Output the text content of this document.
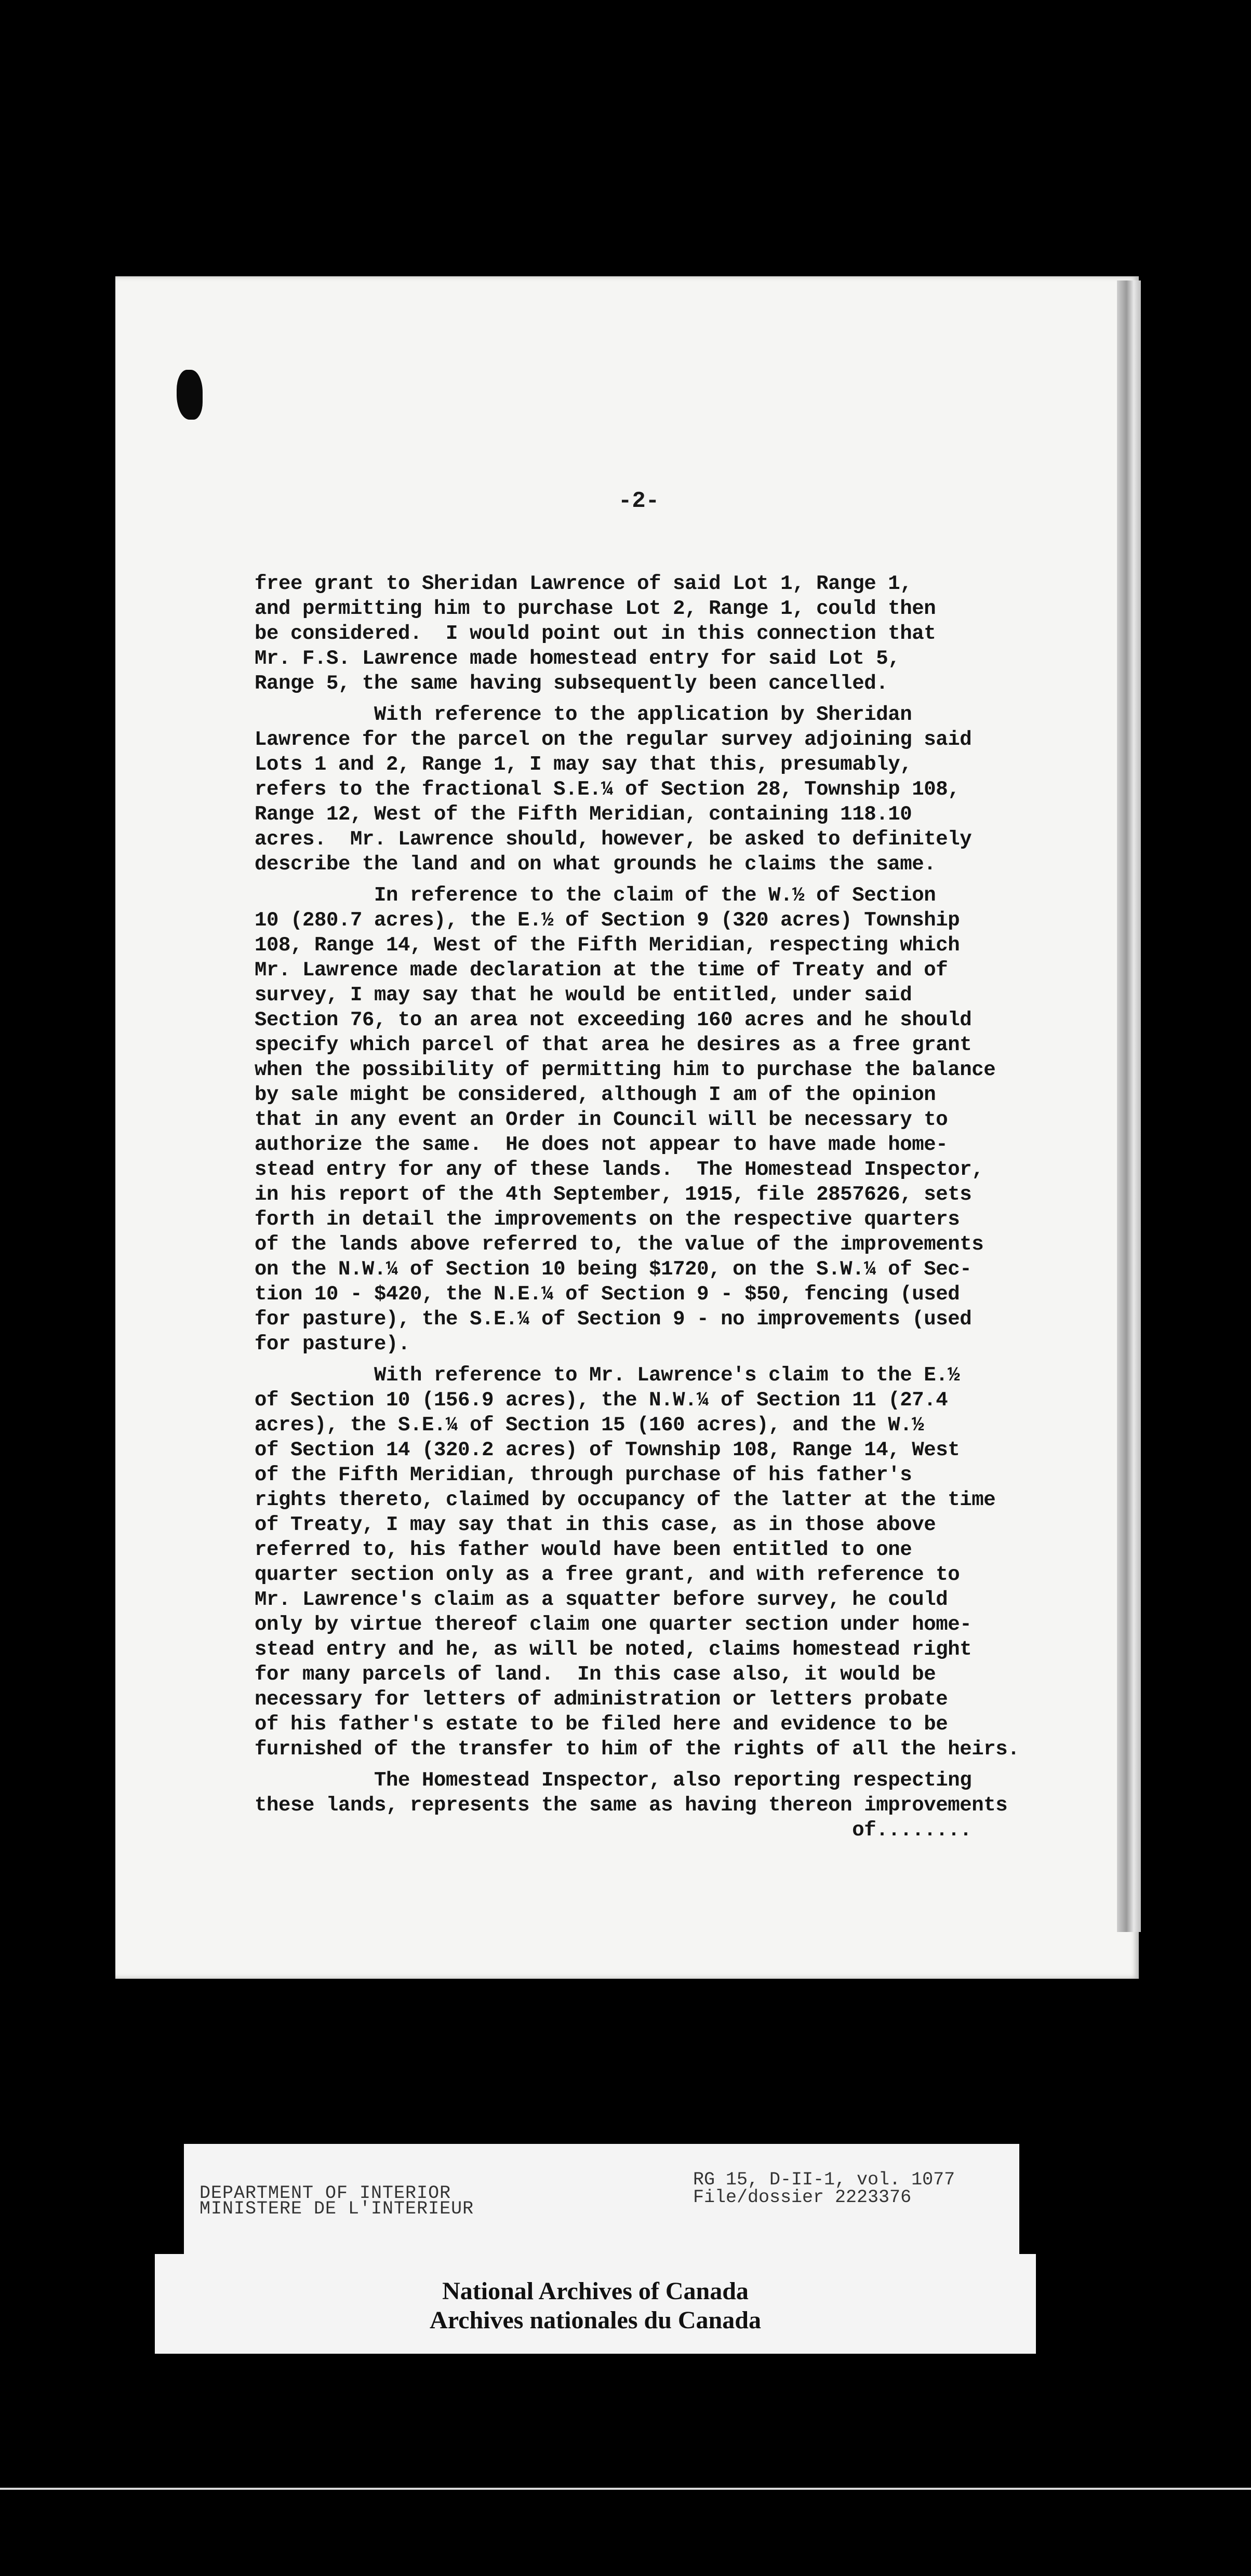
-2-
free grant to Sheridan Lawrence of said Lot 1, Range 1,
and permitting him to purchase Lot 2, Range 1, could then
be considered.  I would point out in this connection that
Mr. F.S. Lawrence made homestead entry for said Lot 5,
Range 5, the same having subsequently been cancelled.
With reference to the application by Sheridan
Lawrence for the parcel on the regular survey adjoining said
Lots 1 and 2, Range 1, I may say that this, presumably,
refers to the fractional S.E.¼ of Section 28, Township 108,
Range 12, West of the Fifth Meridian, containing 118.10
acres.  Mr. Lawrence should, however, be asked to definitely
describe the land and on what grounds he claims the same.
In reference to the claim of the W.½ of Section
10 (280.7 acres), the E.½ of Section 9 (320 acres) Township
108, Range 14, West of the Fifth Meridian, respecting which
Mr. Lawrence made declaration at the time of Treaty and of
survey, I may say that he would be entitled, under said
Section 76, to an area not exceeding 160 acres and he should
specify which parcel of that area he desires as a free grant
when the possibility of permitting him to purchase the balance
by sale might be considered, although I am of the opinion
that in any event an Order in Council will be necessary to
authorize the same.  He does not appear to have made home-
stead entry for any of these lands.  The Homestead Inspector,
in his report of the 4th September, 1915, file 2857626, sets
forth in detail the improvements on the respective quarters
of the lands above referred to, the value of the improvements
on the N.W.¼ of Section 10 being $1720, on the S.W.¼ of Sec-
tion 10 - $420, the N.E.¼ of Section 9 - $50, fencing (used
for pasture), the S.E.¼ of Section 9 - no improvements (used
for pasture).
With reference to Mr. Lawrence's claim to the E.½
of Section 10 (156.9 acres), the N.W.¼ of Section 11 (27.4
acres), the S.E.¼ of Section 15 (160 acres), and the W.½
of Section 14 (320.2 acres) of Township 108, Range 14, West
of the Fifth Meridian, through purchase of his father's
rights thereto, claimed by occupancy of the latter at the time
of Treaty, I may say that in this case, as in those above
referred to, his father would have been entitled to one
quarter section only as a free grant, and with reference to
Mr. Lawrence's claim as a squatter before survey, he could
only by virtue thereof claim one quarter section under home-
stead entry and he, as will be noted, claims homestead right
for many parcels of land.  In this case also, it would be
necessary for letters of administration or letters probate
of his father's estate to be filed here and evidence to be
furnished of the transfer to him of the rights of all the heirs.
The Homestead Inspector, also reporting respecting
these lands, represents the same as having thereon improvements
of........
DEPARTMENT OF INTERIOR
MINISTERE DE L'INTERIEUR
RG 15, D-II-1, vol. 1077
File/dossier 2223376
National Archives of Canada
Archives nationales du Canada
